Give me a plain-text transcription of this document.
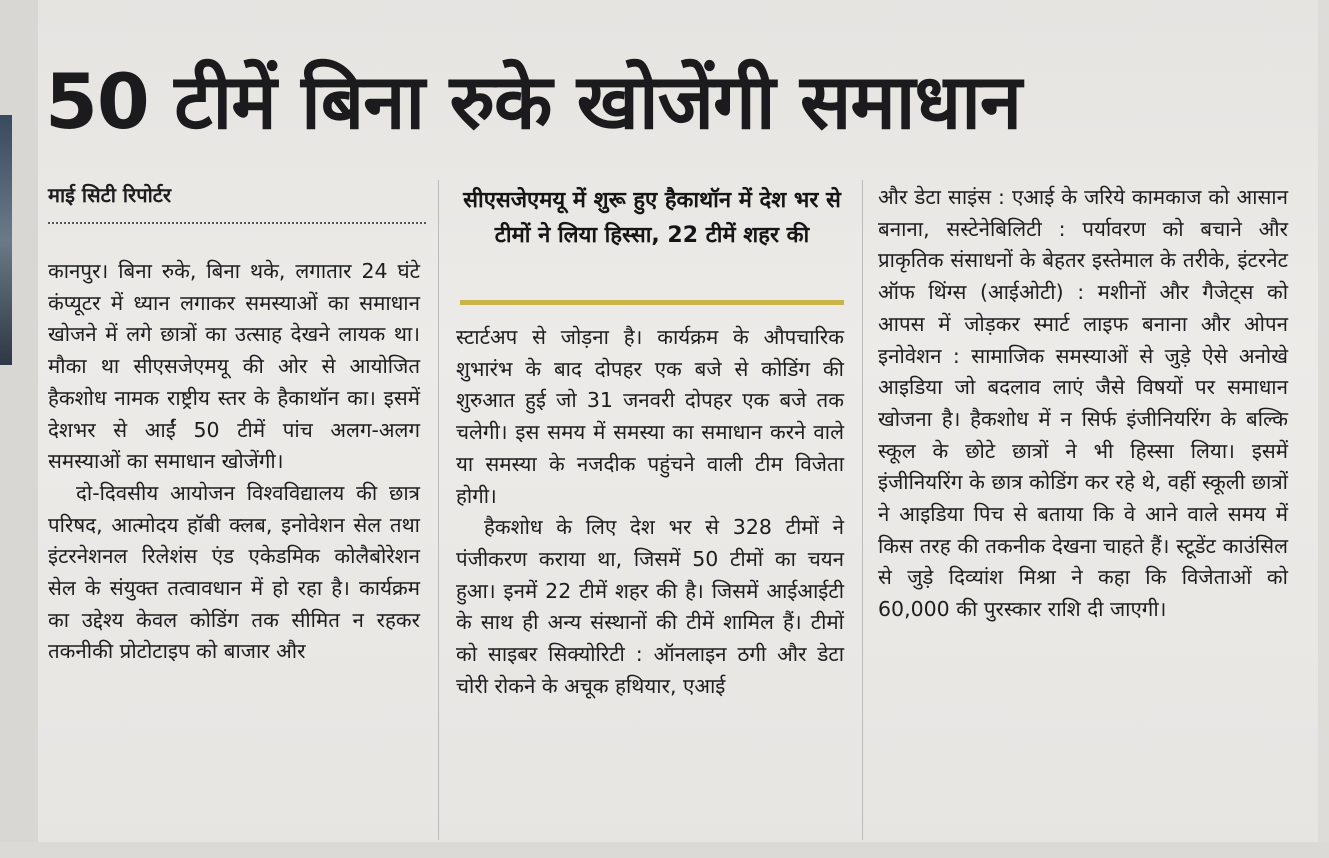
50 टीमें बिना रुके खोजेंगी समाधान
माई सिटी रिपोर्टर

कानपुर। बिना रुके, बिना थके, लगातार 24 घंटे कंप्यूटर में ध्यान लगाकर समस्याओं का समाधान खोजने में लगे छात्रों का उत्साह देखने लायक था। मौका था सीएसजेएमयू की ओर से आयोजित हैकशोध नामक राष्ट्रीय स्तर के हैकाथॉन का। इसमें देशभर से आईं 50 टीमें पांच अलग-अलग समस्याओं का समाधान खोजेंगी।

दो-दिवसीय आयोजन विश्वविद्यालय की छात्र परिषद, आत्मोदय हॉबी क्लब, इनोवेशन सेल तथा इंटरनेशनल रिलेशंस एंड एकेडमिक कोलैबोरेशन सेल के संयुक्त तत्वावधान में हो रहा है। कार्यक्रम का उद्देश्य केवल कोडिंग तक सीमित न रहकर तकनीकी प्रोटोटाइप को बाजार और

सीएसजेएमयू में शुरू हुए हैकाथॉन में देश भर से टीमों ने लिया हिस्सा, 22 टीमें शहर की

स्टार्टअप से जोड़ना है। कार्यक्रम के औपचारिक शुभारंभ के बाद दोपहर एक बजे से कोडिंग की शुरुआत हुई जो 31 जनवरी दोपहर एक बजे तक चलेगी। इस समय में समस्या का समाधान करने वाले या समस्या के नजदीक पहुंचने वाली टीम विजेता होगी।

हैकशोध के लिए देश भर से 328 टीमों ने पंजीकरण कराया था, जिसमें 50 टीमों का चयन हुआ। इनमें 22 टीमें शहर की है। जिसमें आईआईटी के साथ ही अन्य संस्थानों की टीमें शामिल हैं। टीमों को साइबर सिक्योरिटी : ऑनलाइन ठगी और डेटा चोरी रोकने के अचूक हथियार, एआई

और डेटा साइंस : एआई के जरिये कामकाज को आसान बनाना, सस्टेनेबिलिटी : पर्यावरण को बचाने और प्राकृतिक संसाधनों के बेहतर इस्तेमाल के तरीके, इंटरनेट ऑफ थिंग्स (आईओटी) : मशीनों और गैजेट्स को आपस में जोड़कर स्मार्ट लाइफ बनाना और ओपन इनोवेशन : सामाजिक समस्याओं से जुड़े ऐसे अनोखे आइडिया जो बदलाव लाएं जैसे विषयों पर समाधान खोजना है। हैकशोध में न सिर्फ इंजीनियरिंग के बल्कि स्कूल के छोटे छात्रों ने भी हिस्सा लिया। इसमें इंजीनियरिंग के छात्र कोडिंग कर रहे थे, वहीं स्कूली छात्रों ने आइडिया पिच से बताया कि वे आने वाले समय में किस तरह की तकनीक देखना चाहते हैं। स्टूडेंट काउंसिल से जुड़े दिव्यांश मिश्रा ने कहा कि विजेताओं को 60,000 की पुरस्कार राशि दी जाएगी।
